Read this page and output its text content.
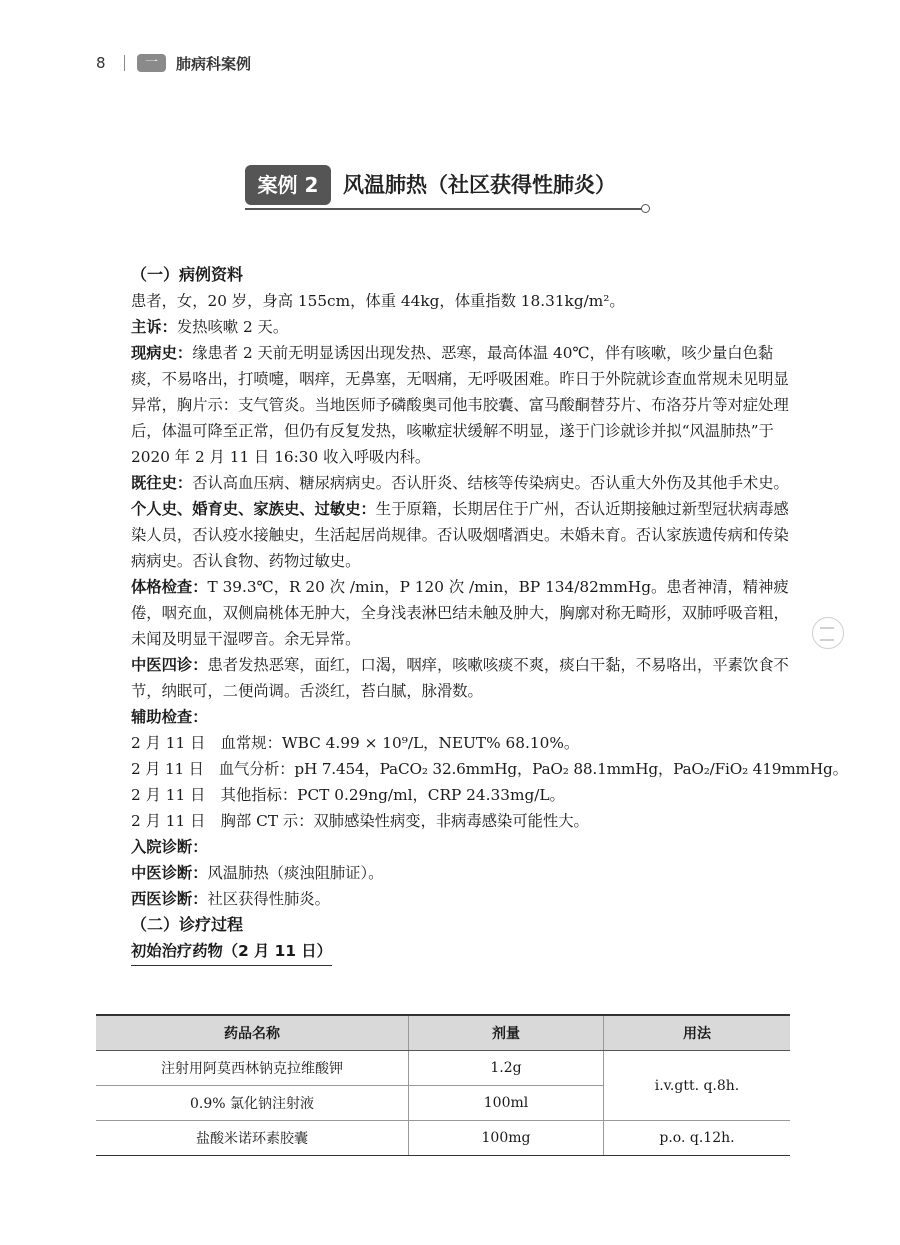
8	一	肺病科案例
案例 2	风温肺热（社区获得性肺炎）

（一）病例资料

患者，女，20 岁，身高 155cm，体重 44kg，体重指数 18.31kg/m²。

主诉：发热咳嗽 2 天。

现病史：缘患者 2 天前无明显诱因出现发热、恶寒，最高体温 40℃，伴有咳嗽，咳少量白色黏痰，不易咯出，打喷嚏，咽痒，无鼻塞，无咽痛，无呼吸困难。昨日于外院就诊查血常规未见明显异常，胸片示：支气管炎。当地医师予磷酸奥司他韦胶囊、富马酸酮替芬片、布洛芬片等对症处理后，体温可降至正常，但仍有反复发热，咳嗽症状缓解不明显，遂于门诊就诊并拟“风温肺热”于 2020 年 2 月 11 日 16:30 收入呼吸内科。

既往史：否认高血压病、糖尿病病史。否认肝炎、结核等传染病史。否认重大外伤及其他手术史。

个人史、婚育史、家族史、过敏史：生于原籍，长期居住于广州，否认近期接触过新型冠状病毒感染人员，否认疫水接触史，生活起居尚规律。否认吸烟嗜酒史。未婚未育。否认家族遗传病和传染病病史。否认食物、药物过敏史。

体格检查：T 39.3℃，R 20 次 /min，P 120 次 /min，BP 134/82mmHg。患者神清，精神疲倦，咽充血，双侧扁桃体无肿大，全身浅表淋巴结未触及肿大，胸廓对称无畸形，双肺呼吸音粗，未闻及明显干湿啰音。余无异常。

中医四诊：患者发热恶寒，面红，口渴，咽痒，咳嗽咳痰不爽，痰白干黏，不易咯出，平素饮食不节，纳眠可，二便尚调。舌淡红，苔白腻，脉滑数。

辅助检查：

2 月 11 日　血常规：WBC 4.99 × 10⁹/L，NEUT% 68.10%。

2 月 11 日　血气分析：pH 7.454，PaCO₂ 32.6mmHg，PaO₂ 88.1mmHg，PaO₂/FiO₂ 419mmHg。

2 月 11 日　其他指标：PCT 0.29ng/ml，CRP 24.33mg/L。

2 月 11 日　胸部 CT 示：双肺感染性病变，非病毒感染可能性大。

入院诊断：

中医诊断：风温肺热（痰浊阻肺证）。

西医诊断：社区获得性肺炎。

（二）诊疗过程

初始治疗药物（2 月 11 日）

药品名称	剂量	用法
注射用阿莫西林钠克拉维酸钾	1.2g	i.v.gtt. q.8h.
0.9% 氯化钠注射液	100ml	
盐酸米诺环素胶囊	100mg	p.o. q.12h.
